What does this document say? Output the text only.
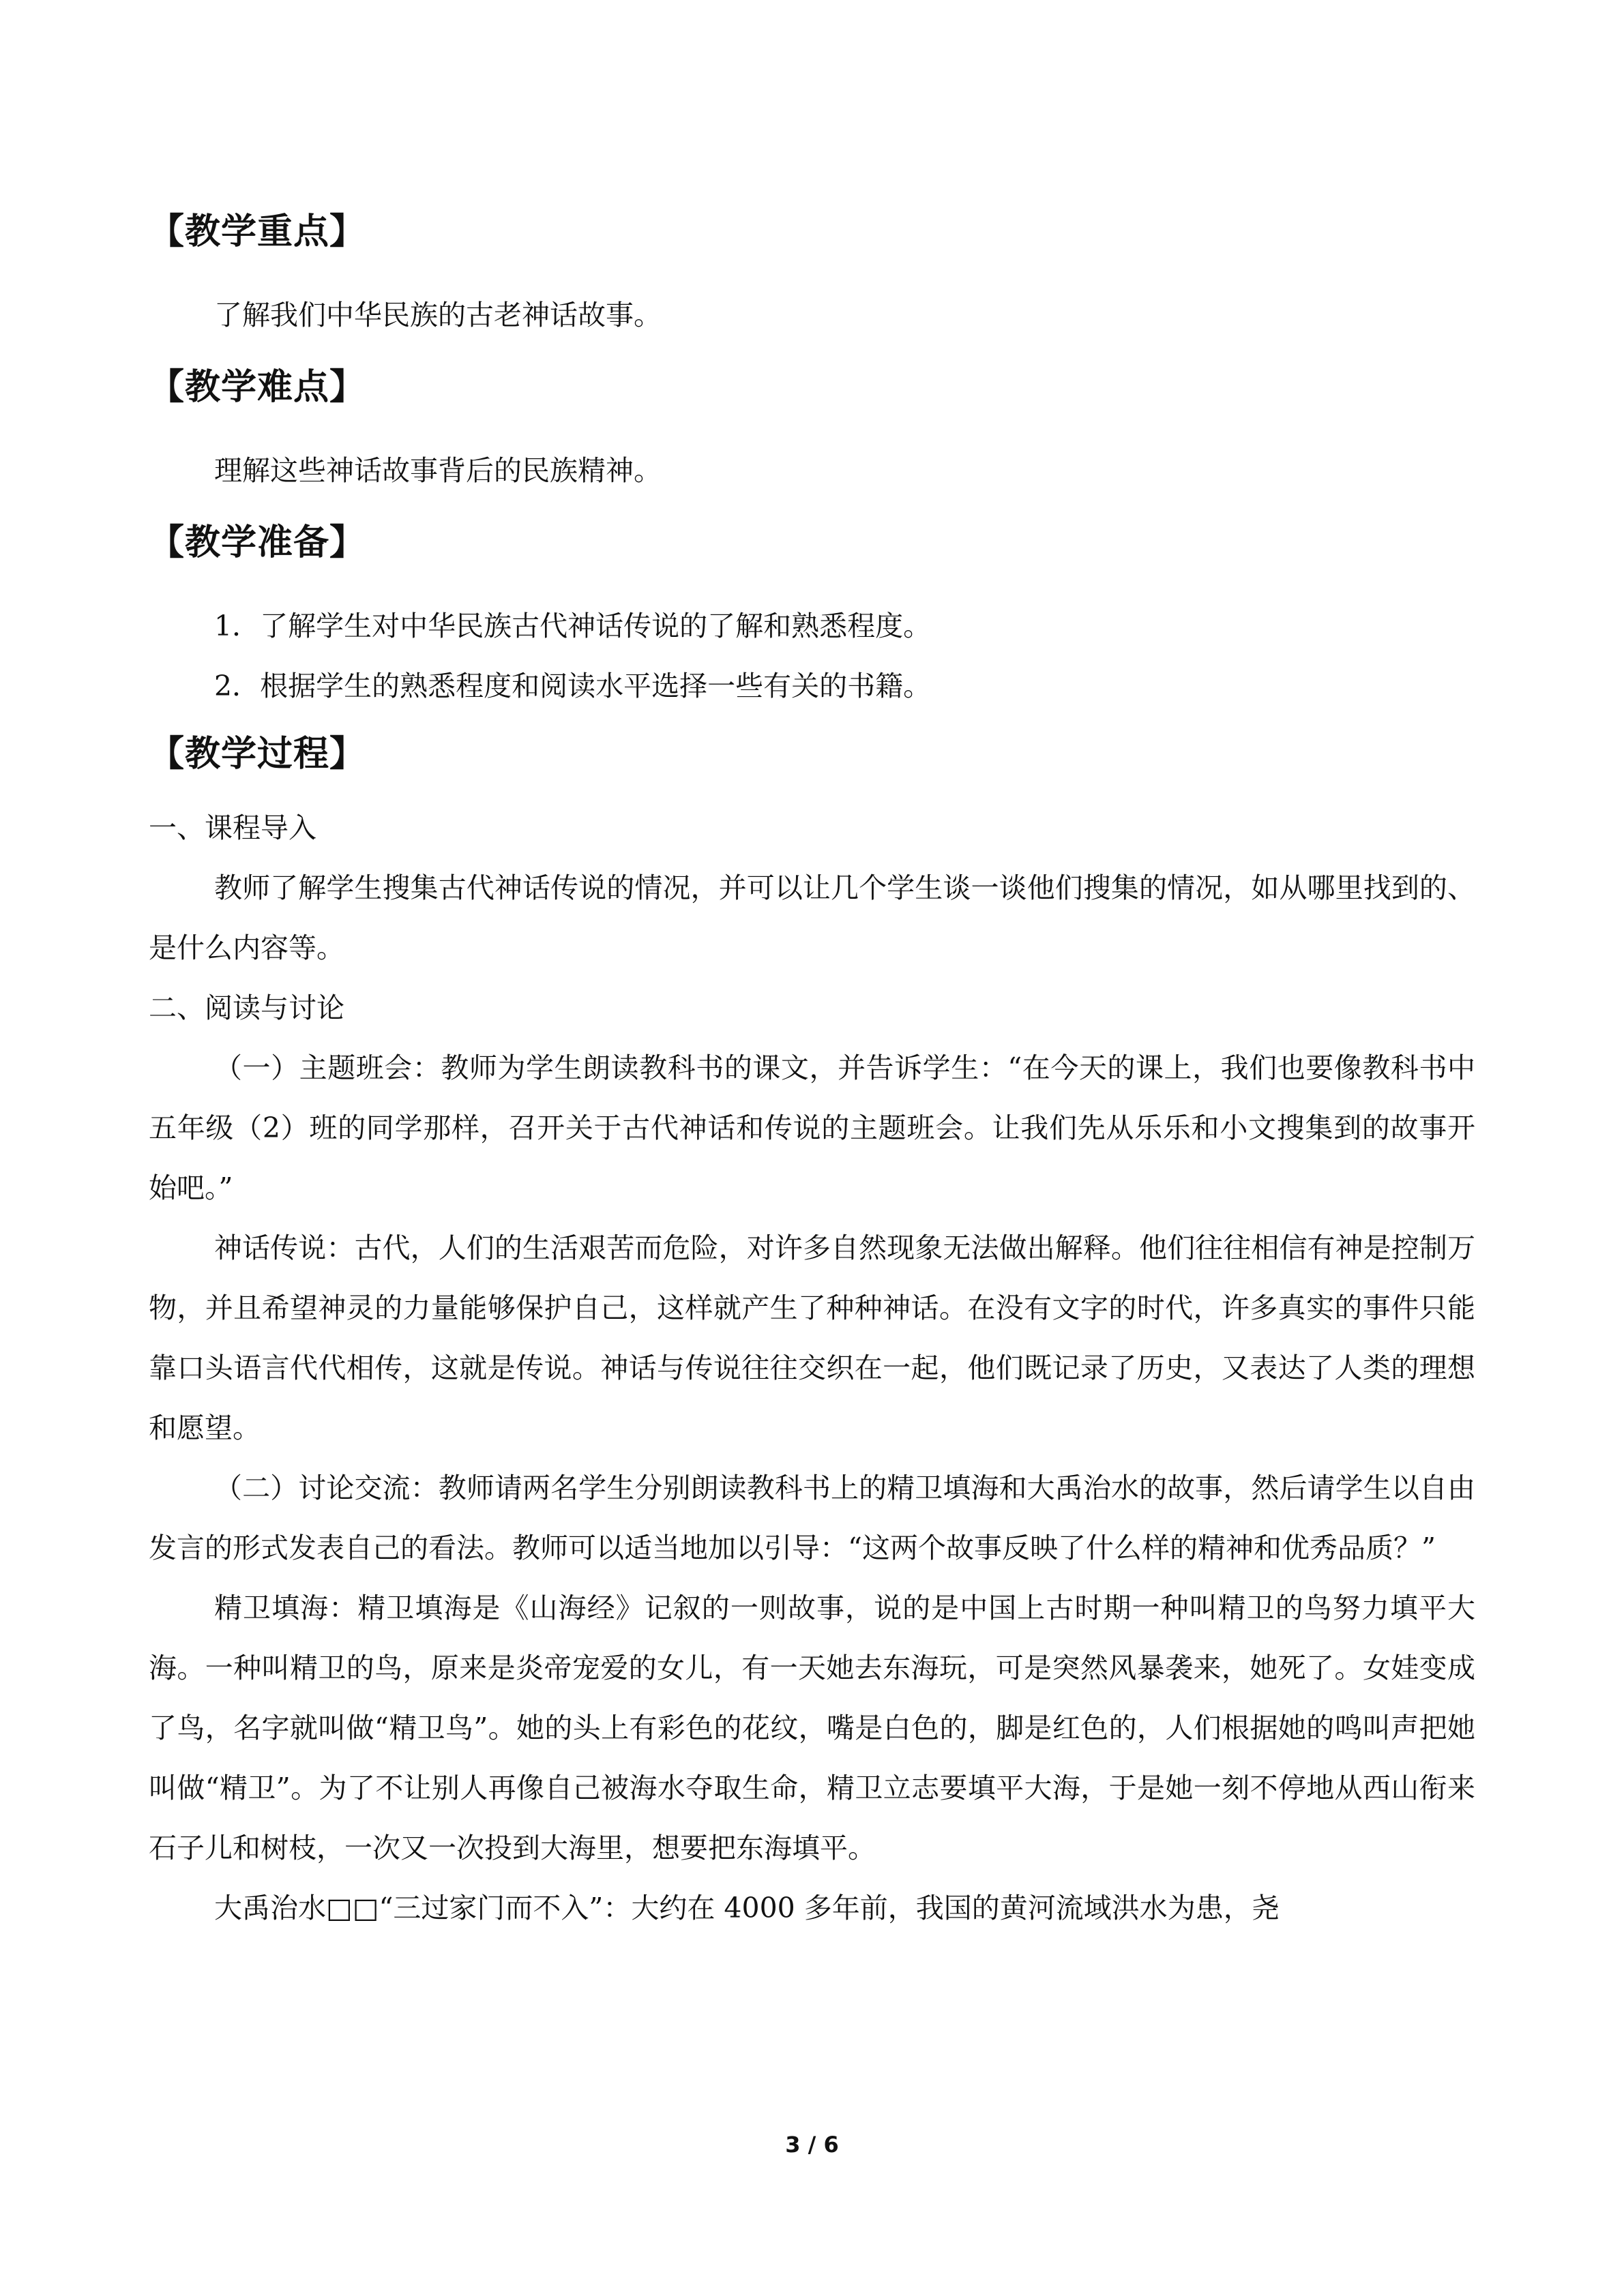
【教学重点】

了解我们中华民族的古老神话故事。

【教学难点】

理解这些神话故事背后的民族精神。

【教学准备】

1．了解学生对中华民族古代神话传说的了解和熟悉程度。

2．根据学生的熟悉程度和阅读水平选择一些有关的书籍。

【教学过程】

一、课程导入

教师了解学生搜集古代神话传说的情况，并可以让几个学生谈一谈他们搜集的情况，如从哪里找到的、是什么内容等。

二、阅读与讨论

（一）主题班会：教师为学生朗读教科书的课文，并告诉学生：“在今天的课上，我们也要像教科书中五年级（2）班的同学那样，召开关于古代神话和传说的主题班会。让我们先从乐乐和小文搜集到的故事开始吧。”

神话传说：古代，人们的生活艰苦而危险，对许多自然现象无法做出解释。他们往往相信有神是控制万物，并且希望神灵的力量能够保护自己，这样就产生了种种神话。在没有文字的时代，许多真实的事件只能靠口头语言代代相传，这就是传说。神话与传说往往交织在一起，他们既记录了历史，又表达了人类的理想和愿望。

（二）讨论交流：教师请两名学生分别朗读教科书上的精卫填海和大禹治水的故事，然后请学生以自由发言的形式发表自己的看法。教师可以适当地加以引导：“这两个故事反映了什么样的精神和优秀品质？”

精卫填海：精卫填海是《山海经》记叙的一则故事，说的是中国上古时期一种叫精卫的鸟努力填平大海。一种叫精卫的鸟，原来是炎帝宠爱的女儿，有一天她去东海玩，可是突然风暴袭来，她死了。女娃变成了鸟，名字就叫做“精卫鸟”。她的头上有彩色的花纹，嘴是白色的，脚是红色的，人们根据她的鸣叫声把她叫做“精卫”。为了不让别人再像自己被海水夺取生命，精卫立志要填平大海，于是她一刻不停地从西山衔来石子儿和树枝，一次又一次投到大海里，想要把东海填平。

大禹治水□□“三过家门而不入”：大约在 4000 多年前，我国的黄河流域洪水为患，尧

3 / 6
